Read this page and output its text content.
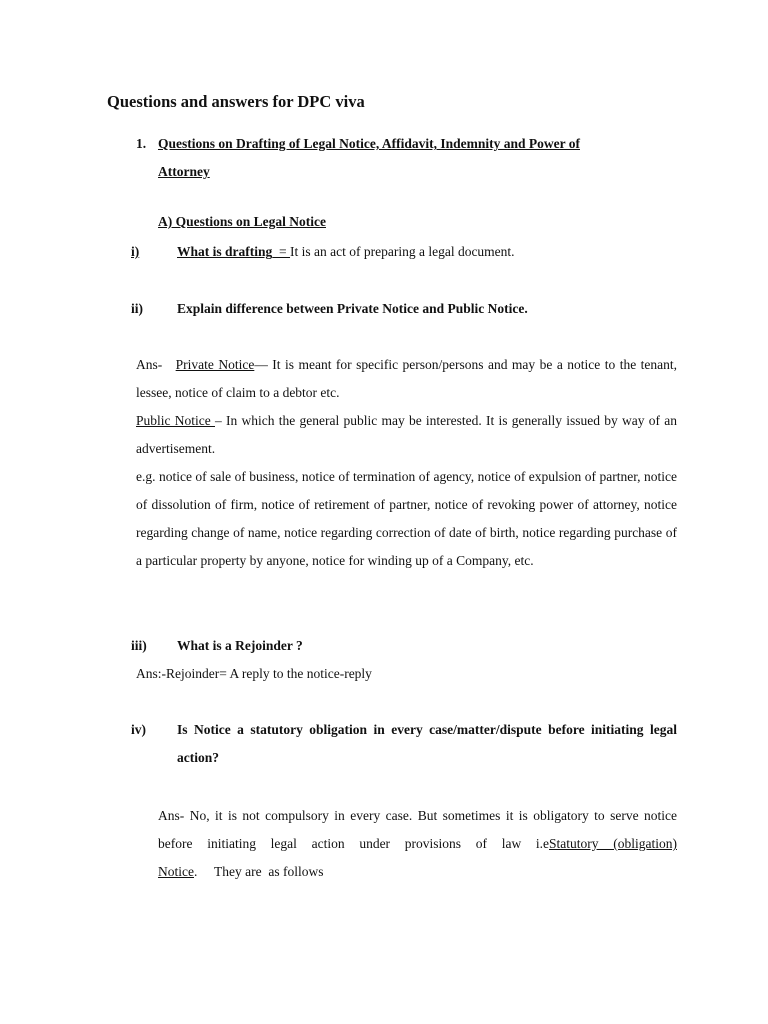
Questions and answers for DPC viva
1. Questions on Drafting of Legal Notice, Affidavit, Indemnity and Power of
Attorney
A) Questions on Legal Notice
i)	What is drafting  = It is an act of preparing a legal document.
ii)	Explain difference between Private Notice and Public Notice.

Ans-   Private Notice— It is meant for specific person/persons and may be a notice to the tenant, lessee, notice of claim to a debtor etc.

Public Notice – In which the general public may be interested. It is generally issued by way of an advertisement.

e.g. notice of sale of business, notice of termination of agency, notice of expulsion of partner, notice of dissolution of firm, notice of retirement of partner, notice of revoking power of attorney, notice regarding change of name, notice regarding correction of date of birth, notice regarding purchase of a particular property by anyone, notice for winding up of a Company, etc.

iii) What is a Rejoinder ?
Ans:-Rejoinder= A reply to the notice-reply
iv)	Is Notice a statutory obligation in every case/matter/dispute before initiating legal action?
Ans- No, it is not compulsory in every case. But sometimes it is obligatory to serve notice before initiating legal action under provisions of law i.eStatutory (obligation) Notice.     They are  as follows
